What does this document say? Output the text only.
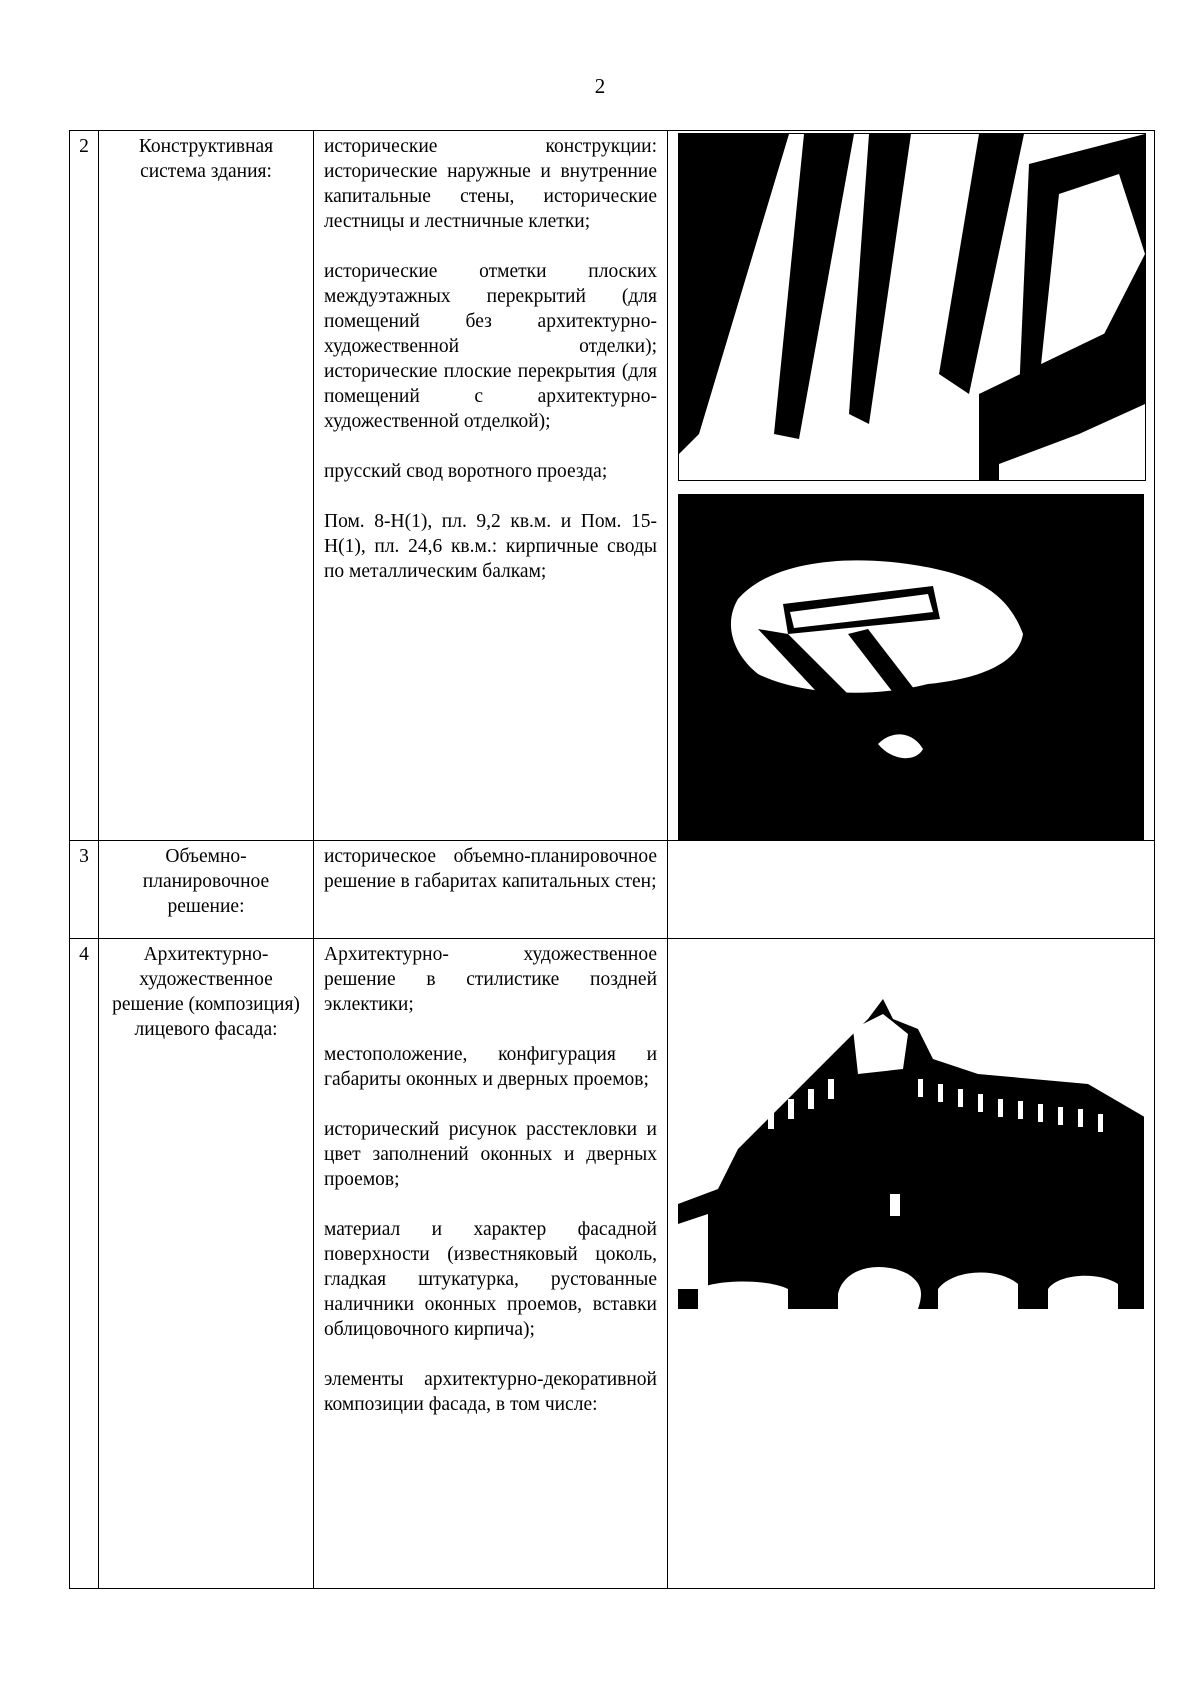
2
2	Конструктивная система здания:	исторические конструкции: исторические наружные и внутренние капитальные стены, исторические лестницы и лестничные клетки;

исторические отметки плоских междуэтажных перекрытий (для помещений без архитектурно-художественной отделки); исторические плоские перекрытия (для помещений с архитектурно-художественной отделкой);

прусский свод воротного проезда;

Пом. 8-Н(1), пл. 9,2 кв.м. и Пом. 15-Н(1), пл. 24,6 кв.м.: кирпичные своды по металлическим балкам;

3	Объемно-планировочное решение:	историческое объемно-планировочное решение в габаритах капитальных стен;	

4	Архитектурно-художественное решение (композиция) лицевого фасада:	Архитектурно- художественное решение в стилистике поздней эклектики;

местоположение, конфигурация и габариты оконных и дверных проемов;

исторический рисунок расстекловки и цвет заполнений оконных и дверных проемов;

материал и характер фасадной поверхности (известняковый цоколь, гладкая штукатурка, рустованные наличники оконных проемов, вставки облицовочного кирпича);

элементы архитектурно-декоративной композиции фасада, в том числе:
